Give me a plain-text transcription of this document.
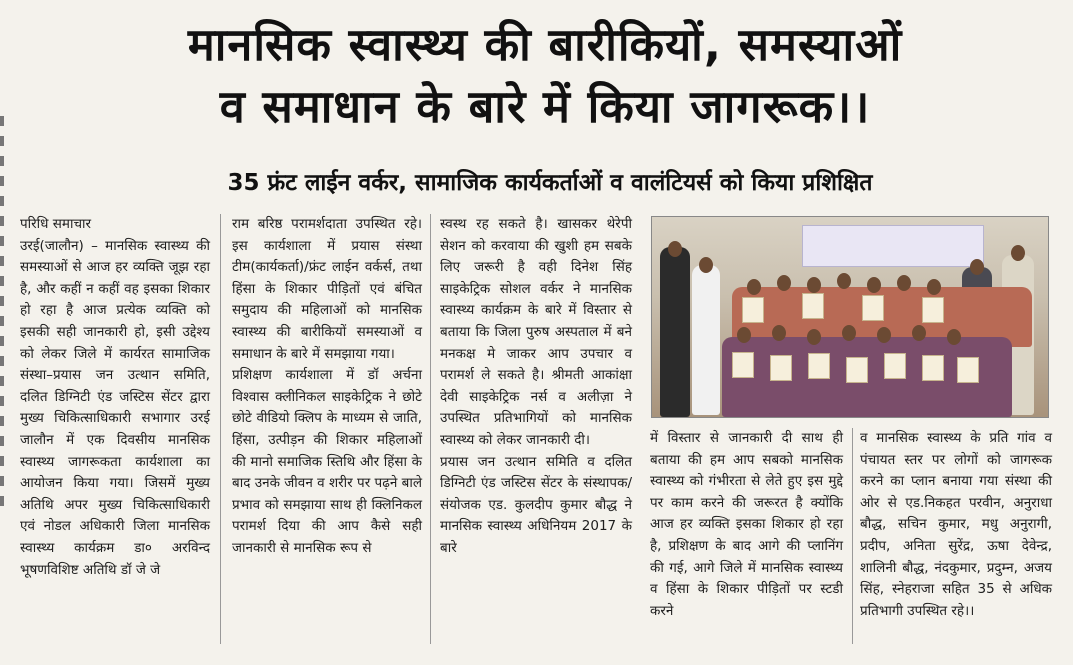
मानसिक स्वास्थ्य की बारीकियों, समस्याओं
व समाधान के बारे में किया जागरूक।।
35 फ्रंट लाईन वर्कर, सामाजिक कार्यकर्ताओं व वालंटियर्स को किया प्रशिक्षित

परिधि समाचार
उरई(जालौन) – मानसिक स्वास्थ्य की समस्याओं से आज हर व्यक्ति जूझ रहा है, और कहीं न कहीं वह इसका शिकार हो रहा है आज प्रत्येक व्यक्ति को इसकी सही जानकारी हो, इसी उद्देश्य को लेकर जिले में कार्यरत सामाजिक संस्था–प्रयास जन उत्थान समिति, दलित डिग्निटी एंड जस्टिस सेंटर द्वारा मुख्य चिकित्साधिकारी सभागार उरई जालौन में एक दिवसीय मानसिक स्वास्थ्य जागरूकता कार्यशाला का आयोजन किया गया। जिसमें मुख्य अतिथि अपर मुख्य चिकित्साधिकारी एवं नोडल अधिकारी जिला मानसिक स्वास्थ्य कार्यक्रम डा० अरविन्द भूषणविशिष्ट अतिथि डॉ जे जे

राम बरिष्ठ परामर्शदाता उपस्थित रहे। इस कार्यशाला में प्रयास संस्था टीम(कार्यकर्ता)/फ्रंट लाईन वर्कर्स, तथा हिंसा के शिकार पीड़ितों एवं बंचित समुदाय की महिलाओं को मानसिक स्वास्थ्य की बारीकियों समस्याओं व समाधान के बारे में समझाया गया।
प्रशिक्षण कार्यशाला में डॉ अर्चना विश्वास क्लीनिकल साइकेट्रिक ने छोटे छोटे वीडियो क्लिप के माध्यम से जाति, हिंसा, उत्पीड़न की शिकार महिलाओं की मानो समाजिक स्तिथि और हिंसा के बाद उनके जीवन व शरीर पर पढ़ने बाले प्रभाव को समझाया साथ ही क्लिनिकल परामर्श दिया की आप कैसे सही जानकारी से मानसिक रूप से

स्वस्थ रह सकते है। खासकर थेरेपी सेशन को करवाया की खुशी हम सबके लिए जरूरी है वही दिनेश सिंह साइकेट्रिक सोशल वर्कर ने मानसिक स्वास्थ्य कार्यक्रम के बारे में विस्तार से बताया कि जिला पुरुष अस्पताल में बने मनकक्ष मे जाकर आप उपचार व परामर्श ले सकते है। श्रीमती आकांक्षा देवी साइकेट्रिक नर्स व अलीज़ा ने उपस्थित प्रतिभागियों को मानसिक स्वास्थ्य को लेकर जानकारी दी।
प्रयास जन उत्थान समिति व दलित डिग्निटी एंड जस्टिस सेंटर के संस्थापक/संयोजक एड. कुलदीप कुमार बौद्ध ने मानसिक स्वास्थ्य अधिनियम 2017 के बारे

में विस्तार से जानकारी दी साथ ही बताया की हम आप सबको मानसिक स्वास्थ्य को गंभीरता से लेते हुए इस मुद्दे पर काम करने की जरूरत है क्योंकि आज हर व्यक्ति इसका शिकार हो रहा है, प्रशिक्षण के बाद आगे की प्लानिंग की गई, आगे जिले में मानसिक स्वास्थ्य व हिंसा के शिकार पीड़ितों पर स्टडी करने

व मानसिक स्वास्थ्य के प्रति गांव व पंचायत स्तर पर लोगों को जागरूक करने का प्लान बनाया गया संस्था की ओर से एड.निकहत परवीन, अनुराधा बौद्ध, सचिन कुमार, मधु अनुरागी, प्रदीप, अनिता सुरेंद्र, ऊषा देवेन्द्र, शालिनी बौद्ध, नंदकुमार, प्रदुम्न, अजय सिंह, स्नेहराजा सहित 35 से अधिक प्रतिभागी उपस्थित रहे।।
